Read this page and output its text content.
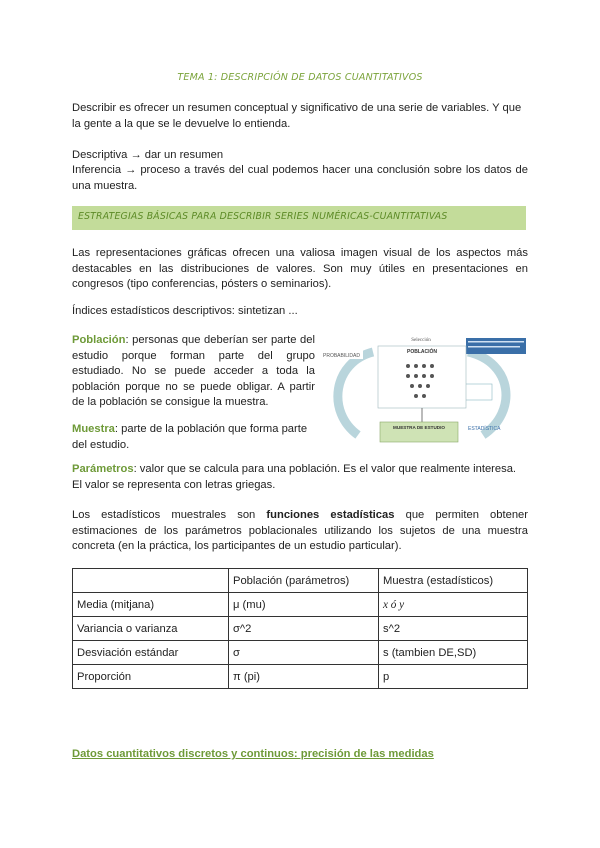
TEMA 1: DESCRIPCIÓN DE DATOS CUANTITATIVOS
Describir es ofrecer un resumen conceptual y significativo de una serie de variables. Y que la gente a la que se le devuelve lo entienda.
Descriptiva → dar un resumen
Inferencia → proceso a través del cual podemos hacer una conclusión sobre los datos de una muestra.
ESTRATEGIAS BÁSICAS PARA DESCRIBIR SERIES NUMÉRICAS-CUANTITATIVAS
Las representaciones gráficas ofrecen una valiosa imagen visual de los aspectos más destacables en las distribuciones de valores. Son muy útiles en presentaciones en congresos (tipo conferencias, pósters o seminarios).
Índices estadísticos descriptivos: sintetizan ...
Población: personas que deberían ser parte del estudio porque forman parte del grupo estudiado. No se puede acceder a toda la población porque no se puede obligar. A partir de la población se consigue la muestra.
Muestra: parte de la población que forma parte del estudio.
Selección
PROBABILIDAD
POBLACIÓN
MUESTRA DE ESTUDIO	ESTADÍSTICA
Parámetros: valor que se calcula para una población. Es el valor que realmente interesa. El valor se representa con letras griegas.
Los estadísticos muestrales son funciones estadísticas que permiten obtener estimaciones de los parámetros poblacionales utilizando los sujetos de una muestra concreta (en la práctica, los participantes de un estudio particular).
	Población (parámetros)	Muestra (estadísticos)
Media (mitjana)	μ (mu)	x ó y
Variancia o varianza	σ^2	s^2
Desviación estándar	σ	s (tambien DE,SD)
Proporción	π (pi)	p
Datos cuantitativos discretos y continuos: precisión de las medidas
